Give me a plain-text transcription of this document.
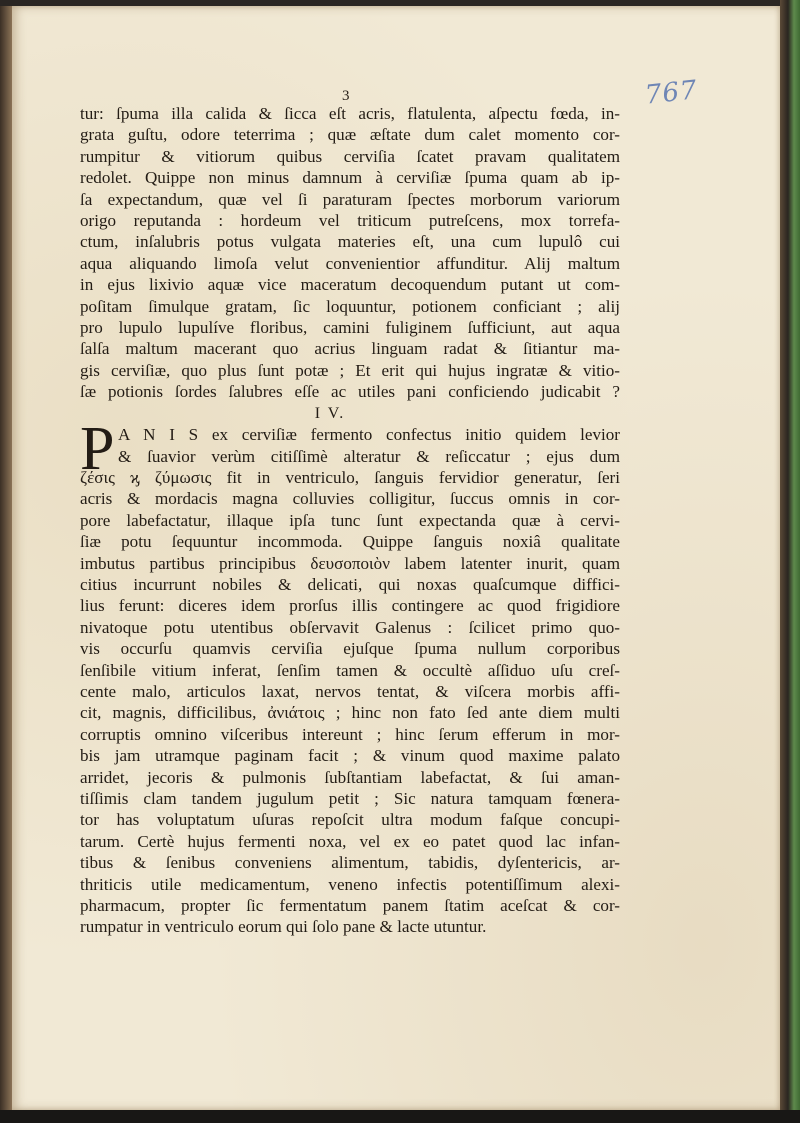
767
3
P
tur: ſpuma illa calida & ſicca eſt acris, flatulenta, aſpectu fœda, in-
grata guſtu, odore teterrima ; quæ æſtate dum calet momento cor-
rumpitur & vitiorum quibus cerviſia ſcatet pravam qualitatem
redolet. Quippe non minus damnum à cerviſiæ ſpuma quam ab ip-
ſa expectandum, quæ vel ſi paraturam ſpectes morborum variorum
origo reputanda : hordeum vel triticum putreſcens, mox torrefa-
ctum, inſalubris potus vulgata materies eſt, una cum lupulô cui
aqua aliquando limoſa velut convenientior affunditur. Alij maltum
in ejus lixivio aquæ vice maceratum decoquendum putant ut com-
poſitam ſimulque gratam, ſic loquuntur, potionem conficiant ; alij
pro lupulo lupulíve floribus, camini fuliginem ſufficiunt, aut aqua
ſalſa maltum macerant quo acrius linguam radat & ſitiantur ma-
gis cerviſiæ, quo plus ſunt potæ ; Et erit qui hujus ingratæ & vitio-
ſæ potionis ſordes ſalubres eſſe ac utiles pani conficiendo judicabit ?
I V.
A N I S ex cerviſiæ fermento confectus initio quidem levior
& ſuavior verùm citiſſimè alteratur & reſiccatur ; ejus dum
ζέσις ϗ ζύμωσις fit in ventriculo, ſanguis fervidior generatur, ſeri
acris & mordacis magna colluvies colligitur, ſuccus omnis in cor-
pore labefactatur, illaque ipſa tunc ſunt expectanda quæ à cervi-
ſiæ potu ſequuntur incommoda. Quippe ſanguis noxiâ qualitate
imbutus partibus principibus δευσοποιὸν labem latenter inurit, quam
citius incurrunt nobiles & delicati, qui noxas quaſcumque diffici-
lius ferunt: diceres idem prorſus illis contingere ac quod frigidiore
nivatoque potu utentibus obſervavit Galenus : ſcilicet primo quo-
vis occurſu quamvis cerviſia ejuſque ſpuma nullum corporibus
ſenſibile vitium inferat, ſenſim tamen & occultè aſſiduo uſu creſ-
cente malo, articulos laxat, nervos tentat, & viſcera morbis affi-
cit, magnis, difficilibus, ἀνιάτοις ; hinc non fato ſed ante diem multi
corruptis omnino viſceribus intereunt ; hinc ſerum efferum in mor-
bis jam utramque paginam facit ; & vinum quod maxime palato
arridet, jecoris & pulmonis ſubſtantiam labefactat, & ſui aman-
tiſſimis clam tandem jugulum petit ; Sic natura tamquam fœnera-
tor has voluptatum uſuras repoſcit ultra modum faſque concupi-
tarum. Certè hujus fermenti noxa, vel ex eo patet quod lac infan-
tibus & ſenibus conveniens alimentum, tabidis, dyſentericis, ar-
thriticis utile medicamentum, veneno infectis potentiſſimum alexi-
pharmacum, propter ſic fermentatum panem ſtatim aceſcat & cor-
rumpatur in ventriculo eorum qui ſolo pane & lacte utuntur.
